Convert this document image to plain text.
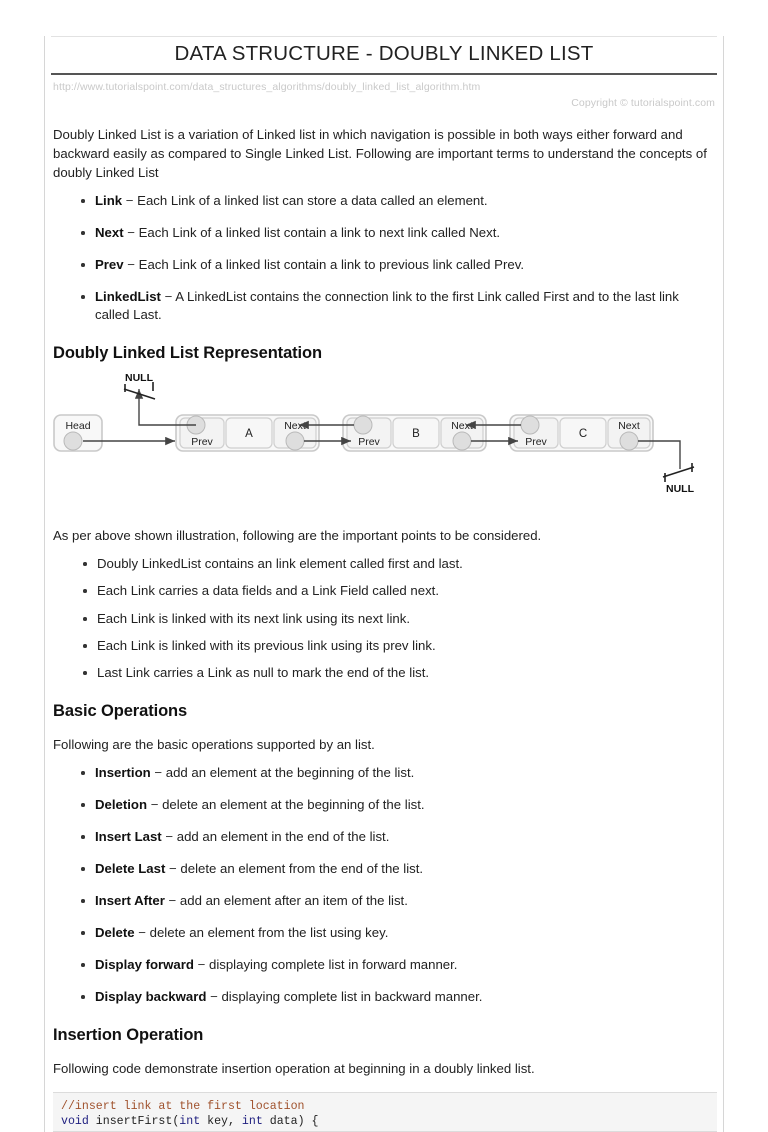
DATA STRUCTURE - DOUBLY LINKED LIST
http://www.tutorialspoint.com/data_structures_algorithms/doubly_linked_list_algorithm.htm
Copyright © tutorialspoint.com

Doubly Linked List is a variation of Linked list in which navigation is possible in both ways either forward and backward easily as compared to Single Linked List. Following are important terms to understand the concepts of doubly Linked List

Link − Each Link of a linked list can store a data called an element.
Next − Each Link of a linked list contain a link to next link called Next.
Prev − Each Link of a linked list contain a link to previous link called Prev.
LinkedList − A LinkedList contains the connection link to the first Link called First and to the last link called Last.
Doubly Linked List Representation
Prev
A
Next
Prev
B
Next
Prev
C
Next
Head
NULL
NULL

As per above shown illustration, following are the important points to be considered.

Doubly LinkedList contains an link element called first and last.
Each Link carries a data fields and a Link Field called next.
Each Link is linked with its next link using its next link.
Each Link is linked with its previous link using its prev link.
Last Link carries a Link as null to mark the end of the list.
Basic Operations

Following are the basic operations supported by an list.

Insertion − add an element at the beginning of the list.
Deletion − delete an element at the beginning of the list.
Insert Last − add an element in the end of the list.
Delete Last − delete an element from the end of the list.
Insert After − add an element after an item of the list.
Delete − delete an element from the list using key.
Display forward − displaying complete list in forward manner.
Display backward − displaying complete list in backward manner.
Insertion Operation

Following code demonstrate insertion operation at beginning in a doubly linked list.

//insert link at the first location
void insertFirst(int key, int data) {
